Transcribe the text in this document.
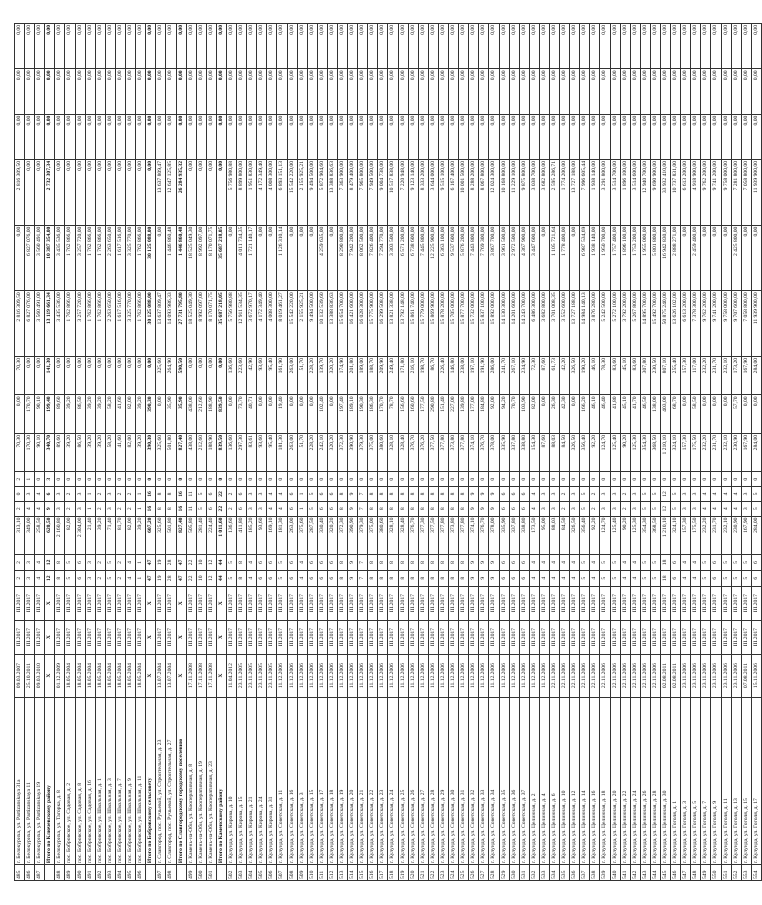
485	г. Белокуриха, ул. Partizanskaya 31a	09.03.2007	III.2017	III.2017	2	2	313,10	2	0	2	70,30	0,00	70,30	2 816 309,50	0,00	2 816 309,50	0,00	0,00	0,00
486	г. Белокуриха, ул. Partizanskaya 11	25.10.2011	III.2017	III.2017	3	3	349,00	4	3	1	170,30	170,70	0,00	6 827 076,00	6 827 076,00	0,00	0,00	0,00	0,00
487	г. Белокуриха, ул. Partizanskaya 19	09.03.2010	III.2017	III.2017	4	4	258,50	4	4	0	90,10	90,10	0,00	3 560 491,00	3 560 491,00	0,00	0,00	0,00	0,00
	Итого по Ключевскому району	X	X	X	12	12	620,50	9	6	3	340,70	199,40	141,30	13 119 661,34	10 387 354,00	2 732 307,34	0,00	0,00	0,00
488	г. Белокуриха, ул. Тагорка, д. 8	01.12.2009	III.2017	III.2017	8	8	2 160,80	3	3	0	89,60	89,60	0,00	3 435 536,00	3 435 536,00	0,00	0,00	0,00	0,00
489	пос. Бобровское, ул. Садовая, д. 2	18.05.2004	III.2017	III.2017	5	5	82,00	2	2	0	39,20	39,20	0,00	1 762 866,00	1 762 866,00	0,00	0,00	0,00	0,00
490	пос. Бобровское, ул. Садовая, д. 8	18.05.2004	III.2017	III.2017	6	6	2 304,00	3	3	0	86,50	86,50	0,00	3 257 720,00	3 257 720,00	0,00	0,00	0,00	0,00
491	пос. Бобровское, ул. Садовая, д. 16	18.05.2004	III.2017	III.2017	3	3	21,40	1	1	0	39,20	39,20	0,00	1 762 866,00	1 762 866,00	0,00	0,00	0,00	0,00
492	пос. Бобровское, ул. Школьная, д. 1	18.05.2004	III.2017	III.2017	2	2	39,20	2	2	0	39,20	39,20	0,00	1 762 866,00	1 762 866,00	0,00	0,00	0,00	0,00
493	пос. Бобровское, ул. Школьная, д. 3	18.05.2004	III.2017	III.2017	5	5	71,40	3	3	0	58,20	58,20	0,00	2 263 650,00	2 263 650,00	0,00	0,00	0,00	0,00
494	пос. Бобровское, ул. Школьная, д. 7	18.05.2004	III.2017	III.2017	2	2	81,70	2	2	0	41,60	41,60	0,00	1 617 516,00	1 617 516,00	0,00	0,00	0,00	0,00
495	пос. Бобровское, ул. Школьная, д. 9	18.05.2004	III.2017	III.2017	4	4	82,00	2	2	0	82,00	82,00	0,00	3 325 770,00	3 325 770,00	0,00	0,00	0,00	0,00
496	пос. Бобровское, ул. Школьная, д. 11	18.05.2004	III.2017	III.2017	1	1	39,20	1	1	0	39,20	39,20	0,00	1 762 866,00	1 762 866,00	0,00	0,00	0,00	0,00
	Итого по Бобровскому сельсовету	X	X	X	47	47	607,20	16	16	0	390,30	390,30	0,00	30 125 088,00	30 125 088,00	0,00	0,00	0,00	0,00
497	г. Славгород, пос. Ручьевой, ул. Строительная, д. 23	13.07.2004	III.2017	III.2017	19	19	325,60	8	8	0	325,60	0,00	325,60	13 637 809,47	0,00	13 637 809,47	0,00	0,00	0,00
498	г. Славгород, пос. Ручьевой, ул. Строительная, д. 27	13.07.2004	III.2017	III.2017	28	28	501,80	8	8	0	501,80	35,90	264,90	14 093 986,33	1 446 860,48	12 647 125,85	0,00	0,00	0,00
	Итого по Славгородскому городскому поселению	X	X	X	47	47	827,40	16	16	0	827,40	35,90	590,50	27 731 795,80	1 446 860,48	26 284 935,32	0,00	0,00	0,00
499	г. Камень-на-Оби, ул. Кооперативная, д. 8	17.11.2008	III.2017	III.2017	22	22	505,80	11	11	0	438,00	438,00	0,00	18 525 049,30	18 525 049,30	0,00	0,00	0,00	0,00
500	г. Камень-на-Оби, ул. Кооперативная, д. 19	17.11.2008	III.2017	III.2017	10	10	281,40	5	5	0	212,60	212,60	0,00	8 992 097,00	8 992 097,00	0,00	0,00	0,00	0,00
501	г. Камень-на-Оби, ул. Кооперативная, д. 23	17.11.2008	III.2017	III.2017	12	12	224,40	6	6	0	188,90	188,90	0,00	8 170 071,75	8 170 071,75	0,00	0,00	0,00	0,00
	Итого по Каменскому району	X	X	X	44	44	1 011,60	22	22	0	839,50	839,50	0,00	35 687 218,05	35 687 218,05	0,00	0,00	0,00	0,00
502	г. Кулунда, ул. Кирова, д. 10	11.04.2012	III.2017	III.2017	5	5	136,60	2	2	0	136,60	0,00	136,60	5 756 980,88	0,00	5 756 980,88	0,00	0,00	0,00
503	г. Кулунда, ул. Кирова, д. 15	23.11.2005	III.2017	III.2017	8	8	411,80	6	6	0	297,30	73,70	223,60	12 911 534,35	4 011 734,35	8 899 800,00	0,00	0,00	0,00
504	г. Кулунда, ул. Кирова, д. 21	23.11.2005	III.2017	III.2017	4	4	185,20	3	3	0	83,61	40,71	42,90	3 672 970,17	1 721 140,17	1 951 830,00	0,00	0,00	0,00
505	г. Кулунда, ул. Кирова, д. 24	23.11.2005	III.2017	III.2017	6	6	93,60	3	3	0	93,60	0,00	93,60	4 172 349,40	0,00	4 172 349,40	0,00	0,00	0,00
506	г. Кулунда, ул. Кирова, д. 31	23.11.2005	III.2017	III.2017	6	6	169,10	4	4	0	95,40	0,00	95,40	4 008 300,00	0,00	4 008 300,00	0,00	0,00	0,00
507	г. Кулунда, ул. Советская, д. 11	11.12.2006	III.2017	III.2017	5	5	181,30	4	4	0	181,30	19,40	161,90	8 019 461,27	1 126 310,14	6 893 151,13	0,00	0,00	0,00
508	г. Кулунда, ул. Советская, д. 16	11.12.2006	III.2017	III.2017	6	6	263,00	6	6	0	263,00	0,00	263,00	15 542 220,00	0,00	15 542 220,00	0,00	0,00	0,00
509	г. Кулунда, ул. Советская, д. 3	11.12.2006	III.2017	III.2017	4	4	375,60	1	1	0	51,70	0,00	51,70	2 155 925,21	0,00	2 155 925,21	0,00	0,00	0,00
510	г. Кулунда, ул. Советская, д. 15	11.12.2006	III.2017	III.2017	6	6	287,50	5	5	0	228,20	0,00	228,20	9 494 500,00	0,00	9 494 500,00	0,00	0,00	0,00
511	г. Кулунда, ул. Советская, д. 17	11.12.2006	III.2017	III.2017	6	6	330,40	6	6	0	242,10	102,40	139,70	10 132 539,60	4 259 635,00	5 872 904,60	0,00	0,00	0,00
512	г. Кулунда, ул. Советская, д. 18	11.12.2006	III.2017	III.2017	6	6	320,20	6	6	0	320,20	0,00	320,20	13 388 836,63	0,00	13 388 836,63	0,00	0,00	0,00
513	г. Кулунда, ул. Советская, д. 19	11.12.2006	III.2017	III.2017	8	8	372,30	8	8	0	372,30	197,40	174,90	15 654 700,00	8 290 800,00	7 363 900,00	0,00	0,00	0,00
514	г. Кулунда, ул. Советская, д. 20	11.12.2006	III.2017	III.2017	9	9	390,90	9	9	0	390,90	189,10	201,80	16 421 600,00	7 942 200,00	8 479 400,00	0,00	0,00	0,00
515	г. Кулунда, ул. Советская, д. 21	11.12.2006	III.2017	III.2017	7	7	379,30	7	7	0	379,30	190,30	189,00	16 028 300,00	8 062 500,00	7 965 800,00	0,00	0,00	0,00
516	г. Кулунда, ул. Советская, д. 22	11.12.2006	III.2017	III.2017	8	8	375,00	8	8	0	375,00	186,30	188,70	15 775 900,00	7 826 400,00	7 949 500,00	0,00	0,00	0,00
517	г. Кулунда, ул. Советская, д. 23	11.12.2006	III.2017	III.2017	8	8	380,60	8	8	0	380,60	170,70	209,90	16 299 508,00	7 294 770,00	9 004 738,00	0,00	0,00	0,00
518	г. Кулунда, ул. Советская, д. 24	11.12.2006	III.2017	III.2017	8	8	328,10	8	8	0	328,10	78,70	249,40	13 821 338,00	3 303 500,00	10 517 838,00	0,00	0,00	0,00
519	г. Кулунда, ул. Советская, д. 25	11.12.2006	III.2017	III.2017	8	8	328,40	8	8	0	328,40	156,60	171,80	13 792 148,00	6 571 200,00	7 220 948,00	0,00	0,00	0,00
520	г. Кулунда, ул. Советская, д. 26	11.12.2006	III.2017	III.2017	8	8	376,70	8	8	0	376,70	160,60	216,10	15 861 740,00	6 738 600,00	9 123 140,00	0,00	0,00	0,00
521	г. Кулунда, ул. Советская, д. 27	11.12.2006	III.2017	III.2017	8	8	377,30	8	8	0	376,20	177,50	198,70	15 779 000,00	7 445 800,00	8 333 200,00	0,00	0,00	0,00
522	г. Кулунда, ул. Советская, д. 28	11.12.2006	III.2017	III.2017	8	8	377,50	8	8	0	377,50	290,80	86,70	15 869 900,00	12 225 900,00	3 644 000,00	0,00	0,00	0,00
523	г. Кулунда, ул. Советская, д. 29	11.12.2006	III.2017	III.2017	8	8	377,80	8	8	0	377,80	151,40	226,40	15 878 200,00	6 363 100,00	9 515 100,00	0,00	0,00	0,00
524	г. Кулунда, ул. Советская, д. 30	11.12.2006	III.2017	III.2017	8	8	373,80	8	8	0	373,80	227,00	146,80	15 705 000,00	9 537 600,00	6 167 400,00	0,00	0,00	0,00
525	г. Кулунда, ул. Советская, д. 31	11.12.2006	III.2017	III.2017	8	8	377,80	8	8	0	377,80	139,80	238,00	15 877 700,00	5 876 200,00	10 001 500,00	0,00	0,00	0,00
526	г. Кулунда, ул. Советская, д. 32	11.12.2006	III.2017	III.2017	9	9	374,10	9	9	0	374,10	177,00	197,10	15 732 000,00	7 443 800,00	8 288 200,00	0,00	0,00	0,00
527	г. Кулунда, ул. Советская, д. 33	11.12.2006	III.2017	III.2017	9	9	376,70	9	9	0	376,70	184,80	191,90	15 837 100,00	7 769 300,00	8 067 800,00	0,00	0,00	0,00
528	г. Кулунда, ул. Советская, д. 34	11.12.2006	III.2017	III.2017	9	9	378,00	9	9	0	378,00	92,00	286,00	15 892 000,00	3 867 700,00	12 024 300,00	0,00	0,00	0,00
529	г. Кулунда, ул. Советская, д. 35	11.12.2006	III.2017	III.2017	6	6	335,90	6	6	0	335,90	94,20	241,70	14 130 300,00	3 961 500,00	10 168 800,00	0,00	0,00	0,00
530	г. Кулунда, ул. Советская, д. 36	11.12.2006	III.2017	III.2017	6	6	337,80	6	6	0	337,80	70,70	267,10	14 201 600,00	2 972 500,00	11 229 100,00	0,00	0,00	0,00
531	г. Кулунда, ул. Советская, д. 37	11.12.2006	III.2017	III.2017	6	6	338,80	6	6	0	338,80	103,90	234,90	14 243 700,00	4 367 900,00	9 875 800,00	0,00	0,00	0,00
532	г. Кулунда, ул. Целинная, д. 2	11.12.2006	III.2017	III.2017	4	4	173,50	4	4	0	154,30	82,00	72,30	6 486 300,00	3 447 600,00	3 038 700,00	0,00	0,00	0,00
533	г. Кулунда, ул. Целинная, д. 4	11.12.2006	III.2017	III.2017	4	4	95,00	3	3	0	87,60	0,00	87,60	3 682 800,00	0,00	3 682 800,00	0,00	0,00	0,00
534	г. Кулунда, ул. Целинная, д. 6	22.11.2006	III.2017	III.2017	4	4	88,03	3	3	0	88,03	26,30	61,73	3 701 008,35	1 105 721,64	2 595 286,71	0,00	0,00	0,00
535	г. Кулунда, ул. Целинная, д. 10	22.11.2006	III.2017	III.2017	4	4	84,50	2	2	0	84,50	42,30	42,20	3 552 600,00	1 778 400,00	1 774 200,00	0,00	0,00	0,00
536	г. Кулунда, ул. Целинная, д. 12	22.11.2006	III.2017	III.2017	4	4	326,50	3	3	0	326,50	0,00	326,50	13 727 188,00	0,00	13 727 188,00	0,00	0,00	0,00
537	г. Кулунда, ул. Целинная, д. 14	22.11.2006	III.2017	III.2017	5	5	356,40	5	5	0	356,40	166,20	190,20	14 984 140,13	6 987 534,69	7 996 605,44	0,00	0,00	0,00
538	г. Кулунда, ул. Целинная, д. 16	22.11.2006	III.2017	III.2017	4	4	92,20	2	2	0	92,20	46,10	46,10	3 876 280,00	1 938 140,00	1 938 140,00	0,00	0,00	0,00
539	г. Кулунда, ул. Целинная, д. 18	22.11.2006	III.2017	III.2017	5	5	124,70	3	3	0	124,70	46,40	78,30	5 242 500,00	1 950 700,00	3 291 800,00	0,00	0,00	0,00
540	г. Кулунда, ул. Целинная, д. 20	22.11.2006	III.2017	III.2017	5	5	125,40	3	3	0	125,40	41,80	83,60	5 272 100,00	1 757 400,00	3 514 700,00	0,00	0,00	0,00
541	г. Кулунда, ул. Целинная, д. 22	22.11.2006	III.2017	III.2017	4	4	90,20	2	2	0	90,20	45,10	45,10	3 792 200,00	1 896 100,00	1 896 100,00	0,00	0,00	0,00
542	г. Кулунда, ул. Целинная, д. 24	22.11.2006	III.2017	III.2017	4	4	125,30	3	3	0	125,30	41,70	83,60	5 267 800,00	1 753 200,00	3 514 600,00	0,00	0,00	0,00
543	г. Кулунда, ул. Целинная, д. 26	22.11.2006	III.2017	III.2017	5	5	354,30	5	5	0	354,30	46,50	307,80	14 895 700,00	1 955 000,00	12 940 700,00	0,00	0,00	0,00
544	г. Кулунда, ул. Целинная, д. 28	22.11.2006	III.2017	III.2017	5	5	368,50	5	5	0	368,50	138,00	230,50	15 492 700,00	5 801 800,00	9 690 900,00	0,00	0,00	0,00
545	г. Кулунда, ул. Целинная, д. 30	02.08.2011	III.2017	III.2017	18	18	1 210,10	12	12	0	1 210,10	403,00	807,10	50 875 240,00	16 942 830,00	33 932 410,00	0,00	0,00	0,00
546	г. Кулунда, ул. Гоголя, д. 1	02.08.2011	III.2017	III.2017	6	6	324,10	5	5	0	324,10	68,70	255,40	13 626 102,00	2 888 271,00	10 737 831,00	0,00	0,00	0,00
547	г. Кулунда, ул. Гоголя, д. 3	23.11.2006	III.2017	III.2017	4	4	157,30	3	3	0	157,30	0,00	157,30	6 613 200,00	0,00	6 613 200,00	0,00	0,00	0,00
548	г. Кулунда, ул. Гоголя, д. 5	23.11.2006	III.2017	III.2017	4	4	175,50	3	3	0	175,50	58,50	117,00	7 378 300,00	2 459 400,00	4 918 900,00	0,00	0,00	0,00
549	г. Кулунда, ул. Гоголя, д. 7	23.11.2006	III.2017	III.2017	5	5	232,20	4	4	0	232,20	0,00	232,20	9 762 200,00	0,00	9 762 200,00	0,00	0,00	0,00
550	г. Кулунда, ул. Гоголя, д. 9	23.11.2006	III.2017	III.2017	6	6	231,70	4	4	0	231,70	0,00	231,70	9 741 200,00	0,00	9 741 200,00	0,00	0,00	0,00
551	г. Кулунда, ул. Гоголя, д. 11	23.11.2006	III.2017	III.2017	5	5	232,10	4	4	0	232,10	0,00	232,10	9 758 000,00	0,00	9 758 000,00	0,00	0,00	0,00
552	г. Кулунда, ул. Гоголя, д. 13	23.11.2006	III.2017	III.2017	5	5	230,90	4	4	0	230,90	57,70	173,20	9 707 600,00	2 425 800,00	7 281 800,00	0,00	0,00	0,00
553	г. Кулунда, ул. Гоголя, д. 15	07.08.2011	III.2017	III.2017	5	5	167,90	3	3	0	167,90	0,00	167,90	7 058 800,00	0,00	7 058 800,00	0,00	0,00	0,00
554	г. Кулунда, ул. Гоголя, д. 17	15.11.2006	III.2017	III.2017	6	6	284,00	5	5	0	284,00	0,00	284,00	11 939 900,00	0,00	11 939 900,00	0,00	0,00	0,00
